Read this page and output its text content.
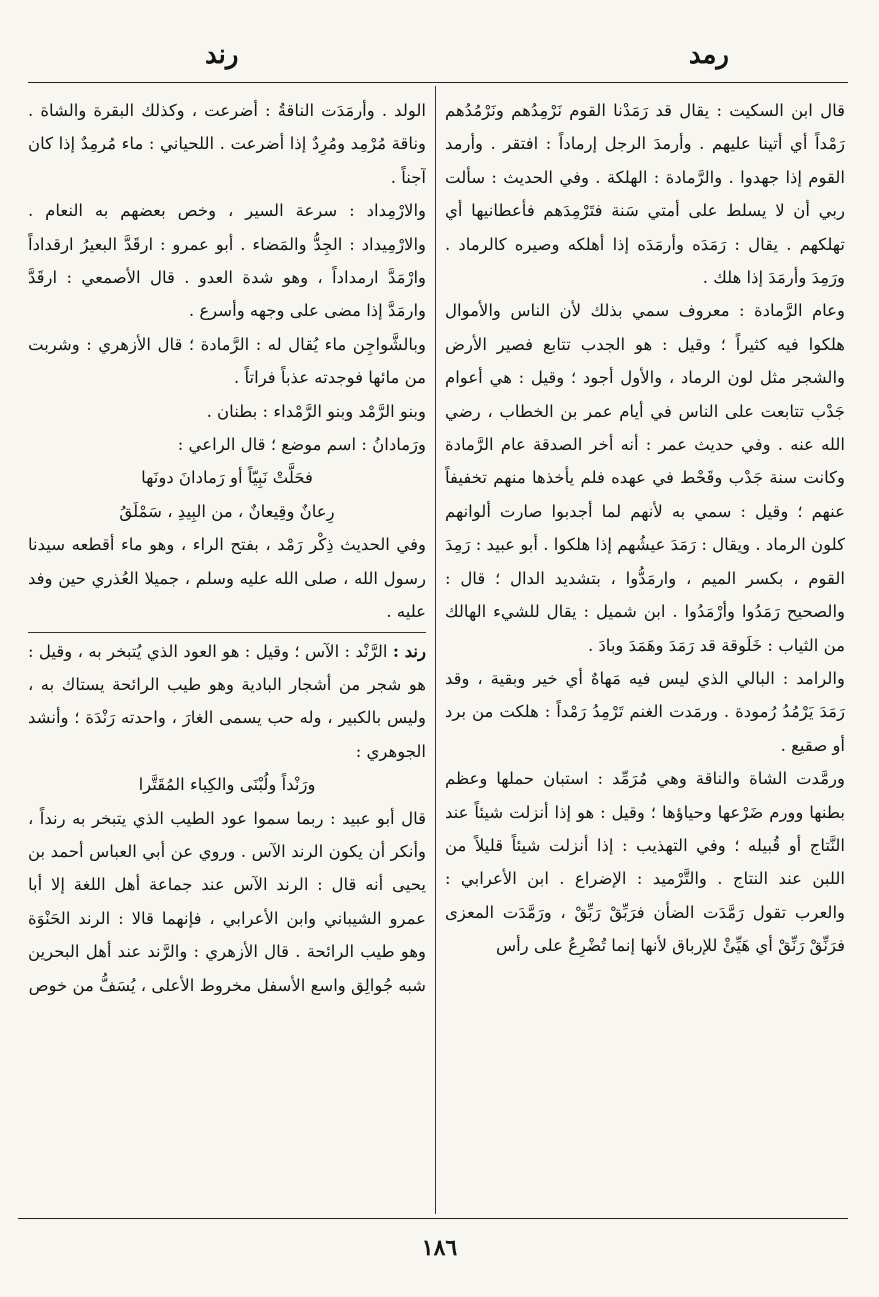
رمد
رند

قال ابن السكيت : يقال قد رَمَدْنا القوم نَرْمِدُهم ونَرْمُدُهم رَمْداً أي أتينا عليهم . وأرمدَ الرجل إرماداً : افتقر . وأرمد القوم إذا جهدوا . والرَّمادة : الهلكة . وفي الحديث : سألت ربي أن لا يسلط على أمتي سَنة فتَرْمِدَهم فأعطانيها أي تهلكهم . يقال : رَمَدَه وأرمَدَه إذا أهلكه وصيره كالرماد . ورَمِدَ وأرمَدَ إذا هلك .

وعام الرَّمادة : معروف سمي بذلك لأن الناس والأموال هلكوا فيه كثيراً ؛ وقيل : هو الجدب تتابع فصير الأرض والشجر مثل لون الرماد ، والأول أجود ؛ وقيل : هي أعوام جَدْب تتابعت على الناس في أيام عمر بن الخطاب ، رضي الله عنه . وفي حديث عمر : أنه أخر الصدقة عام الرَّمادة وكانت سنة جَدْب وقَحْط في عهده فلم يأخذها منهم تخفيفاً عنهم ؛ وقيل : سمي به لأنهم لما أجدبوا صارت ألوانهم كلون الرماد . ويقال : رَمَدَ عيشُهم إذا هلكوا . أبو عبيد : رَمِدَ القوم ، بكسر الميم ، وارمَدُّوا ، بتشديد الدال ؛ قال : والصحيح رَمَدُوا وأرْمَدُوا . ابن شميل : يقال للشيء الهالك من الثياب : خَلَوقة قد رَمَدَ وهَمَدَ وبادَ .

والرامد : البالي الذي ليس فيه مَهاهٌ أي خير وبقية ، وقد رَمَدَ يَرْمُدُ رُمودة . ورمَدت الغنم تَرْمِدُ رَمْداً : هلكت من برد أو صقيع .

ورمَّدت الشاة والناقة وهي مُرَمِّد : استبان حملها وعظم بطنها وورم ضَرْعها وحياؤها ؛ وقيل : هو إذا أنزلت شيئاً عند النَّتاج أو قُبيله ؛ وفي التهذيب : إذا أنزلت شيئاً قليلاً من اللبن عند النتاج . والتَّرْميد : الإضراع . ابن الأعرابي : والعرب تقول رَمَّدَت الضأن فرَبِّقْ رَبِّقْ ، ورَمَّدَت المعزى فرَنِّقْ رَنِّقْ أي هَيِّئْ للإرباق لأنها إنما تُضْرِعُ على رأس

الولد . وأرمَدَت الناقةُ : أضرعت ، وكذلك البقرة والشاة . وناقة مُرْمِد ومُرِدٌ إذا أضرعت . اللحياني : ماء مُرمِدٌ إذا كان آجناً .

والارْمِداد : سرعة السير ، وخص بعضهم به النعام . والارْمِيداد : الجِدُّ والمَضاء . أبو عمرو : ارقَدَّ البعيرُ ارقداداً وارْمَدَّ ارمداداً ، وهو شدة العدو . قال الأصمعي : ارقَدَّ وارمَدَّ إذا مضى على وجهه وأسرع .

وبالشَّواجِن ماء يُقال له : الرَّمادة ؛ قال الأزهري : وشربت من مائها فوجدته عذباً فراتاً .

وبنو الرَّمْد وبنو الرَّمْداء : بطنان .

ورَمادانُ : اسم موضع ؛ قال الراعي :

فحَلَّتْ نَبِيّاً أو رَمادانَ دونَها

رِعانٌ وقِيعانٌ ، من البِيدِ ، سَمْلَقُ

وفي الحديث ذِكْر رَمْد ، بفتح الراء ، وهو ماء أقطعه سيدنا رسول الله ، صلى الله عليه وسلم ، جميلا العُذري حين وفد عليه .

رند : الرَّنْد : الآس ؛ وقيل : هو العود الذي يُتبخر به ، وقيل : هو شجر من أشجار البادية وهو طيب الرائحة يستاك به ، وليس بالكبير ، وله حب يسمى الغارَ ، واحدته رَنْدَة ؛ وأنشد الجوهري :

ورَنْداً ولُبْنَى والكِباء المُقَتَّرا

قال أبو عبيد : ربما سموا عود الطيب الذي يتبخر به رنداً ، وأنكر أن يكون الرند الآس . وروي عن أبي العباس أحمد بن يحيى أنه قال : الرند الآس عند جماعة أهل اللغة إلا أبا عمرو الشيباني وابن الأعرابي ، فإنهما قالا : الرند الحَنْوَة وهو طيب الرائحة . قال الأزهري : والرَّند عند أهل البحرين شبه جُوالِق واسع الأسفل مخروط الأعلى ، يُسَفُّ من خوص

١٨٦
